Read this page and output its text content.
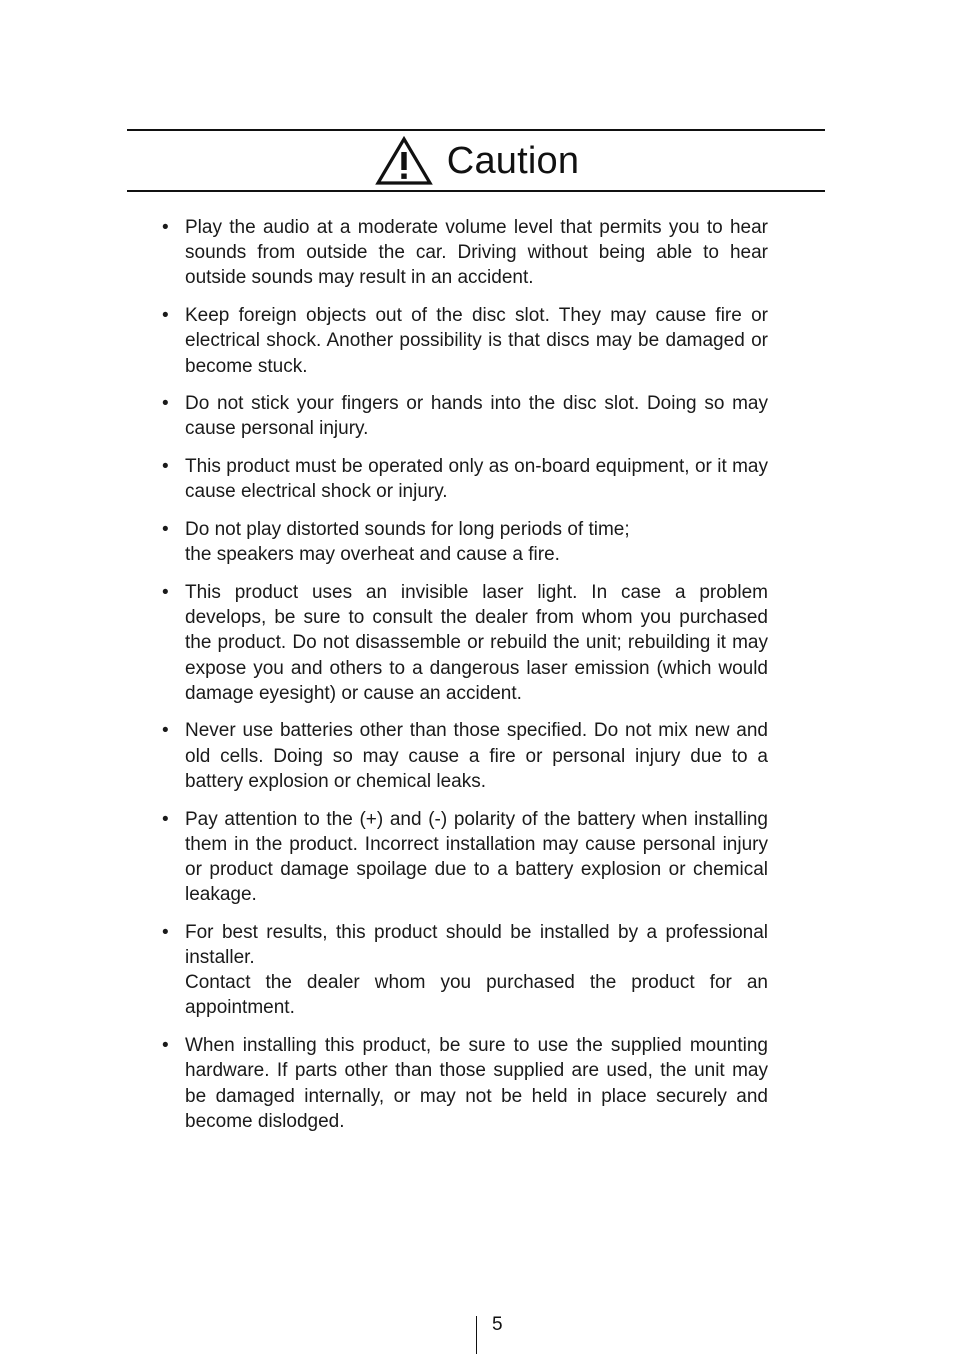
Caution
• Play the audio at a moderate volume level that permits you to hear sounds from outside the car. Driving without being able to hear outside sounds may result in an accident.
• Keep foreign objects out of the disc slot. They may cause fire or electrical shock. Another possibility is that discs may be damaged or become stuck.
• Do not stick your fingers or hands into the disc slot. Doing so may cause personal injury.
• This product must be operated only as on-board equipment, or it may cause electrical shock or injury.
• Do not play distorted sounds for long periods of time;
the speakers may overheat and cause a fire.
• This product uses an invisible laser light. In case a problem develops, be sure to consult the dealer from whom you purchased the product. Do not disassemble or rebuild the unit; rebuilding it may expose you and others to a dangerous laser emission (which would damage eyesight) or cause an accident.
• Never use batteries other than those specified. Do not mix new and old cells. Doing so may cause a fire or personal injury due to a battery explosion or chemical leaks.
• Pay attention to the (+) and (-) polarity of the battery when installing them in the product. Incorrect installation may cause personal injury or product damage spoilage due to a battery explosion or chemical leakage.
• For best results, this product should be installed by a professional installer.
Contact the dealer whom you purchased the product for an appointment.
• When installing this product, be sure to use the supplied mounting hardware. If parts other than those supplied are used, the unit may be damaged internally, or may not be held in place securely and become dislodged.
5
